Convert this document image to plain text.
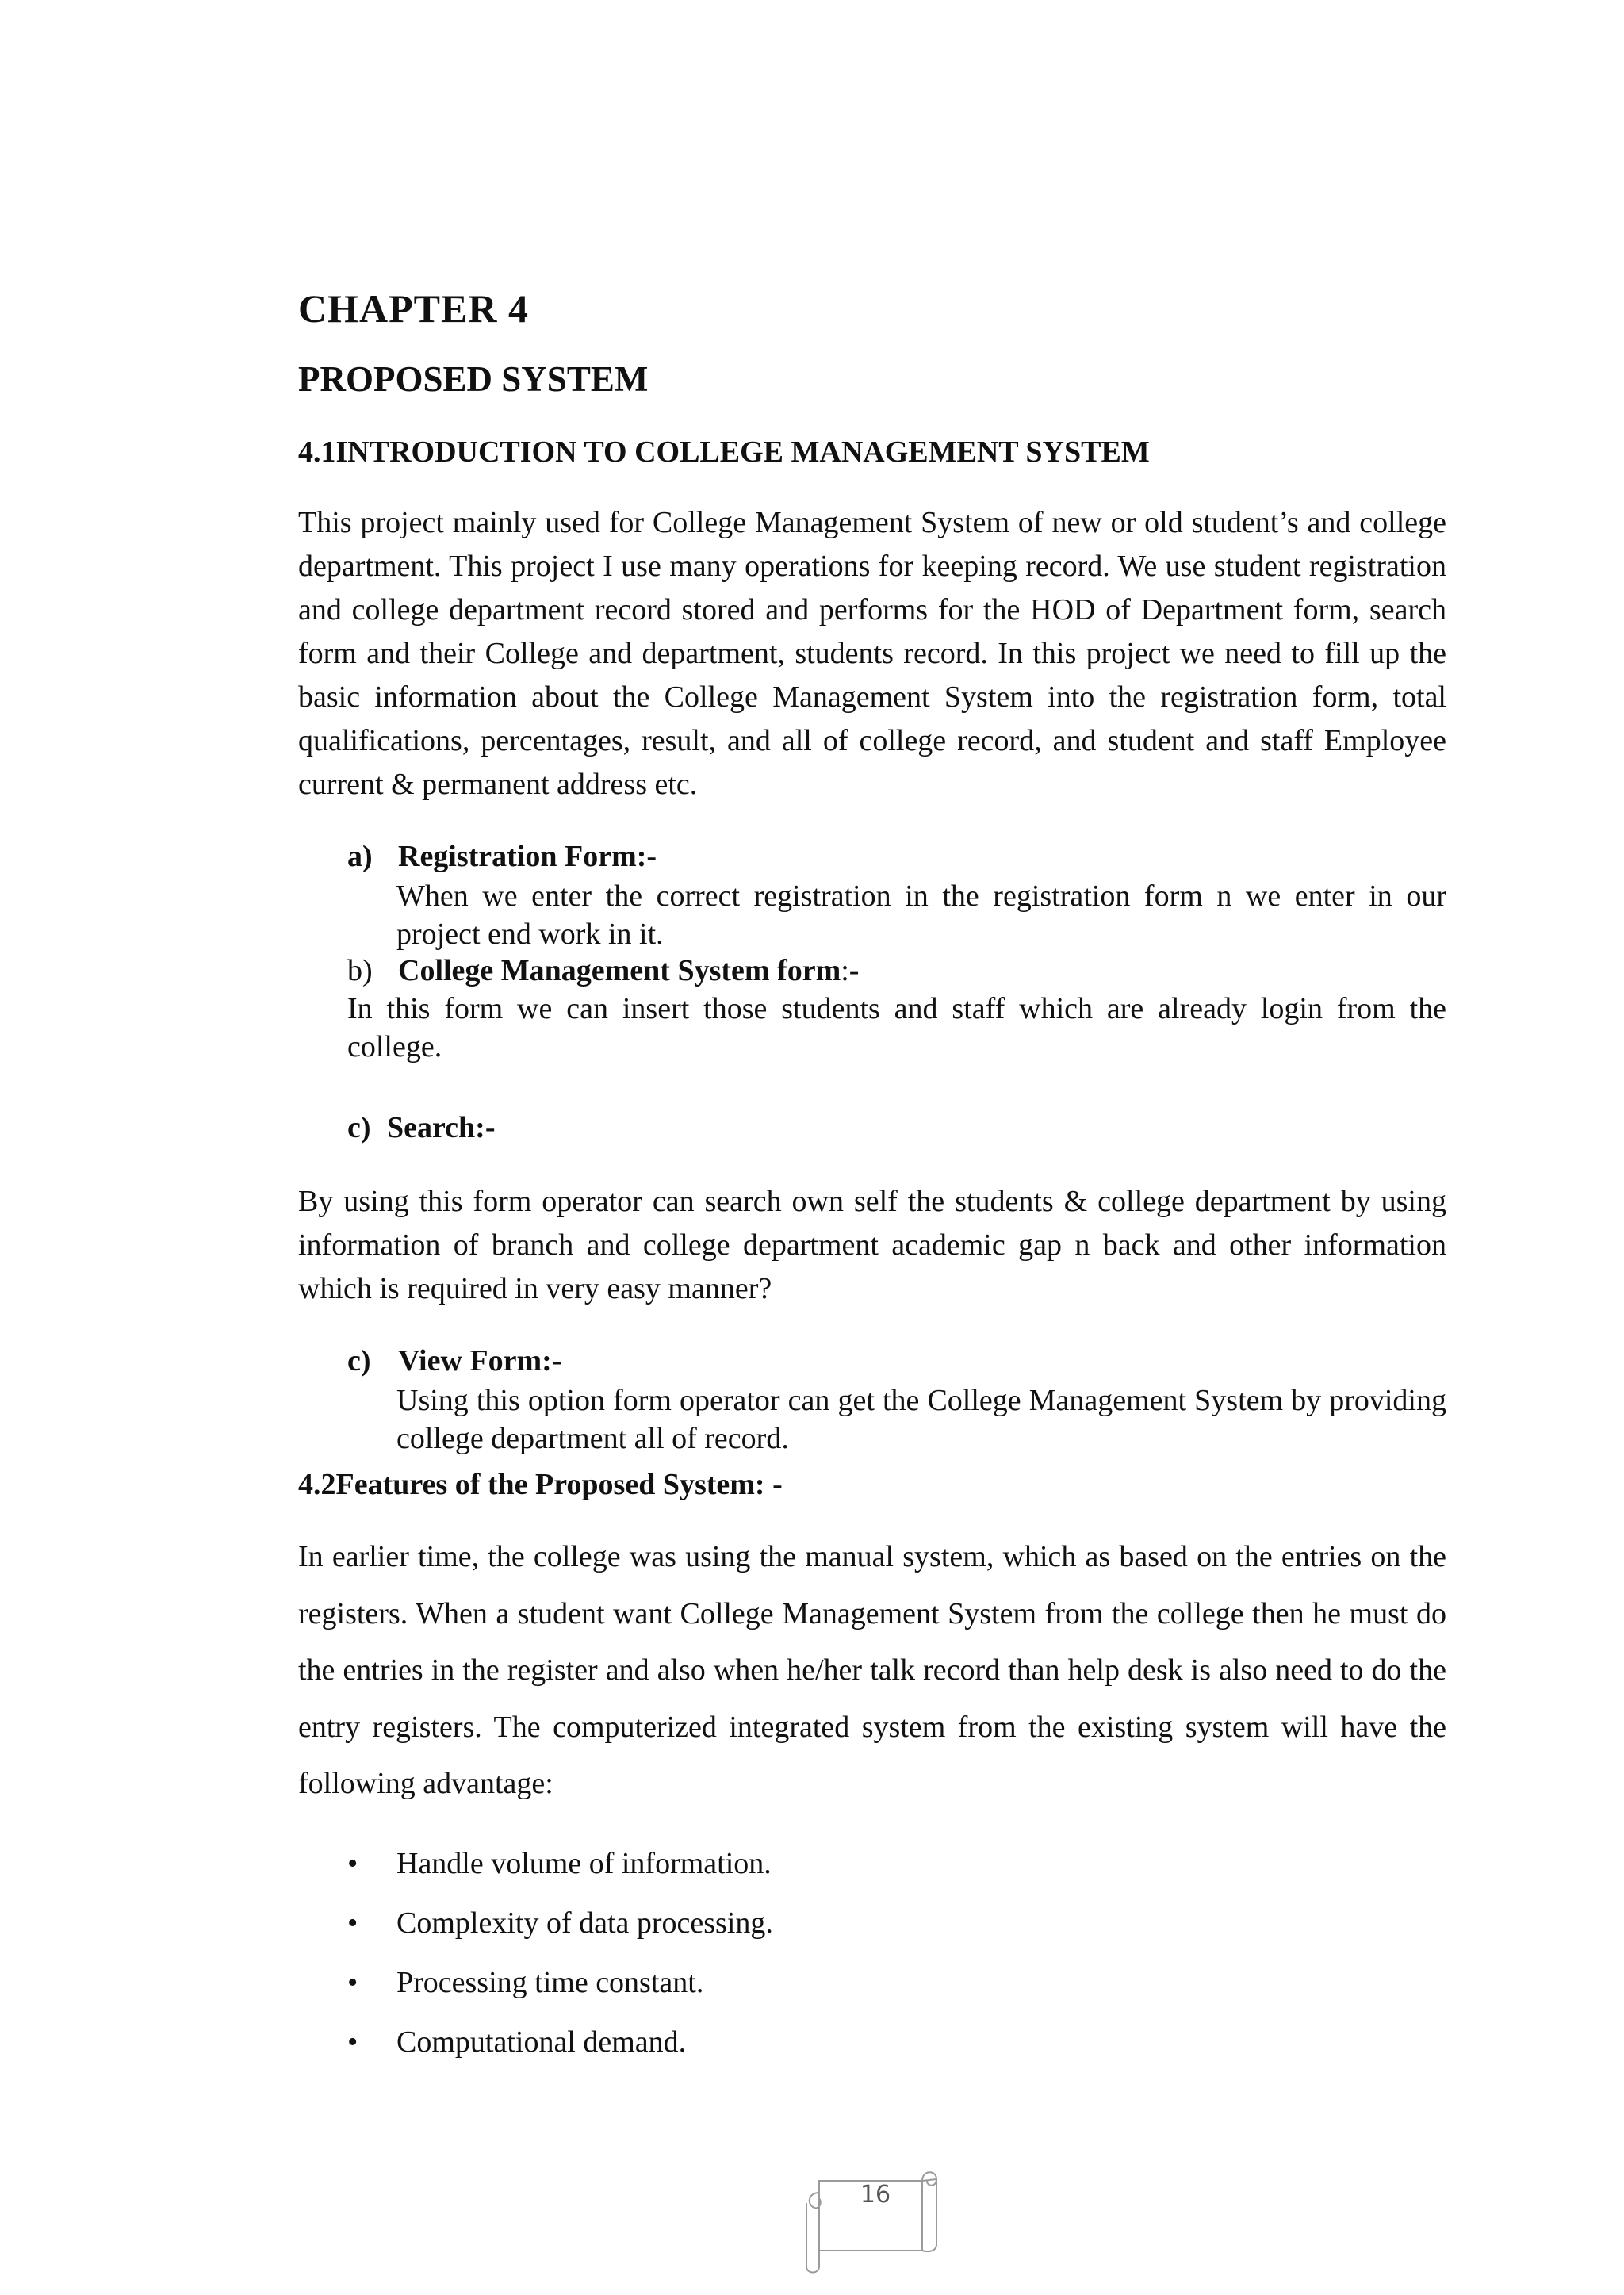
CHAPTER 4
PROPOSED SYSTEM
4.1INTRODUCTION TO COLLEGE MANAGEMENT SYSTEM

This project mainly used for College Management System of new or old student’s and college department. This project I use many operations for keeping record. We use student registration and college department record stored and performs for the HOD of Department form, search form and their College and department, students record. In this project we need to fill up the basic information about the College Management System into the registration form, total qualifications, percentages, result, and all of college record, and student and staff Employee current & permanent address etc.

a) Registration Form:-

When we enter the correct registration in the registration form n we enter in our project end work in it.

b) College Management System form:-

In this form we can insert those students and staff which are already login from the college.

c) Search:-

By using this form operator can search own self the students & college department by using information of branch and college department academic gap n back and other information which is required in very easy manner?

c) View Form:-

Using this option form operator can get the College Management System by providing college department all of record.

4.2Features of the Proposed System: -

In earlier time, the college was using the manual system, which as based on the entries on the registers. When a student want College Management System from the college then he must do the entries in the register and also when he/her talk record than help desk is also need to do the entry registers. The computerized integrated system from the existing system will have the following advantage:

• Handle volume of information.
• Complexity of data processing.
• Processing time constant.
• Computational demand.
16
